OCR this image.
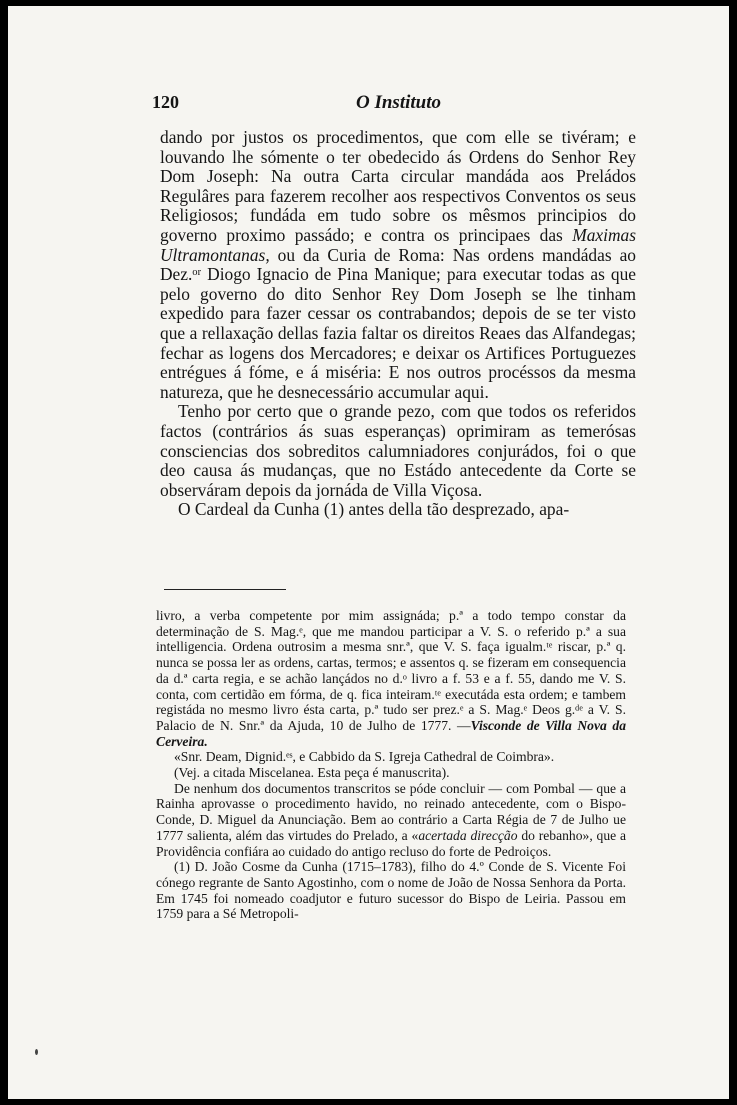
120	O Instituto

dando por justos os procedimentos, que com elle se tivéram; e louvando lhe sómente o ter obedecido ás Ordens do Senhor Rey Dom Joseph: Na outra Carta circular mandáda aos Preládos Regulâres para fazerem recolher aos respectivos Conventos os seus Religiosos; fundáda em tudo sobre os mêsmos principios do governo proximo passádo; e contra os principaes das Maximas Ultramontanas, ou da Curia de Roma: Nas ordens mandádas ao Dez.ᵒʳ Diogo Ignacio de Pina Manique; para executar todas as que pelo governo do dito Senhor Rey Dom Joseph se lhe tinham expedido para fazer cessar os contrabandos; depois de se ter visto que a rellaxação dellas fazia faltar os direitos Reaes das Alfandegas; fechar as logens dos Mercadores; e deixar os Artifices Portuguezes entrégues á fóme, e á miséria: E nos outros procéssos da mesma natureza, que he desnecessário accumular aqui.

Tenho por certo que o grande pezo, com que todos os referidos factos (contrários ás suas esperanças) oprimiram as temerósas consciencias dos sobreditos calumniadores conjurádos, foi o que deo causa ás mudanças, que no Estádo antecedente da Corte se observáram depois da jornáda de Villa Viçosa.

O Cardeal da Cunha (1) antes della tão desprezado, apa-

livro, a verba competente por mim assignáda; p.ª a todo tempo constar da determinação de S. Mag.ᵉ, que me mandou participar a V. S. o referido p.ª a sua intelligencia. Ordena outrosim a mesma snr.ª, que V. S. faça igualm.ᵗᵉ riscar, p.ª q. nunca se possa ler as ordens, cartas, termos; e assentos q. se fizeram em consequencia da d.ª carta regia, e se achão lançádos no d.ᵒ livro a f. 53 e a f. 55, dando me V. S. conta, com certidão em fórma, de q. fica inteiram.ᵗᵉ executáda esta ordem; e tambem registáda no mesmo livro ésta carta, p.ª tudo ser prez.ᵉ a S. Mag.ᵉ Deos g.ᵈᵉ a V. S. Palacio de N. Snr.ª da Ajuda, 10 de Julho de 1777. —Visconde de Villa Nova da Cerveira.

«Snr. Deam, Dignid.ᵉˢ, e Cabbido da S. Igreja Cathedral de Coimbra».

(Vej. a citada Miscelanea. Esta peça é manuscrita).

De nenhum dos documentos transcritos se póde concluir — com Pombal — que a Rainha aprovasse o procedimento havido, no reinado antecedente, com o Bispo-Conde, D. Miguel da Anunciação. Bem ao contrário a Carta Régia de 7 de Julho ue 1777 salienta, além das virtudes do Prelado, a «acertada direcção do rebanho», que a Providência confiára ao cuidado do antigo recluso do forte de Pedroiços.

(1) D. João Cosme da Cunha (1715–1783), filho do 4.º Conde de S. Vicente Foi cónego regrante de Santo Agostinho, com o nome de João de Nossa Senhora da Porta. Em 1745 foi nomeado coadjutor e futuro sucessor do Bispo de Leiria. Passou em 1759 para a Sé Metropoli-
